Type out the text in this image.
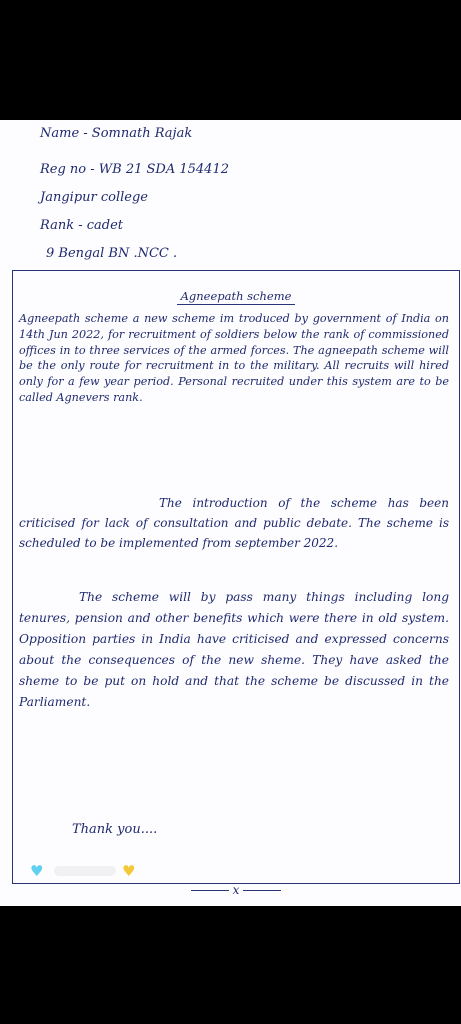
Name - Somnath Rajak
Reg no - WB 21 SDA 154412
Jangipur college
Rank - cadet
9 Bengal BN .NCC .
Agneepath scheme
Agneepath scheme a new scheme im troduced by government of India on 14th Jun 2022, for recruitment of soldiers below the rank of commissioned offices in to three services of the armed forces. The agneepath scheme will be the only route for recruitment in to the military. All recruits will hired only for a few year period. Personal recruited under this system are to be called Agnevers rank.
The introduction of the scheme has been criticised for lack of consultation and public debate. The scheme is scheduled to be implemented from september 2022.
The scheme will by pass many things including long tenures, pension and other benefits which were there in old system. Opposition parties in India have criticised and expressed concerns about the consequences of the new sheme. They have asked the sheme to be put on hold and that the scheme be discussed in the Parliament.
x
Thank you....
♥	♥
